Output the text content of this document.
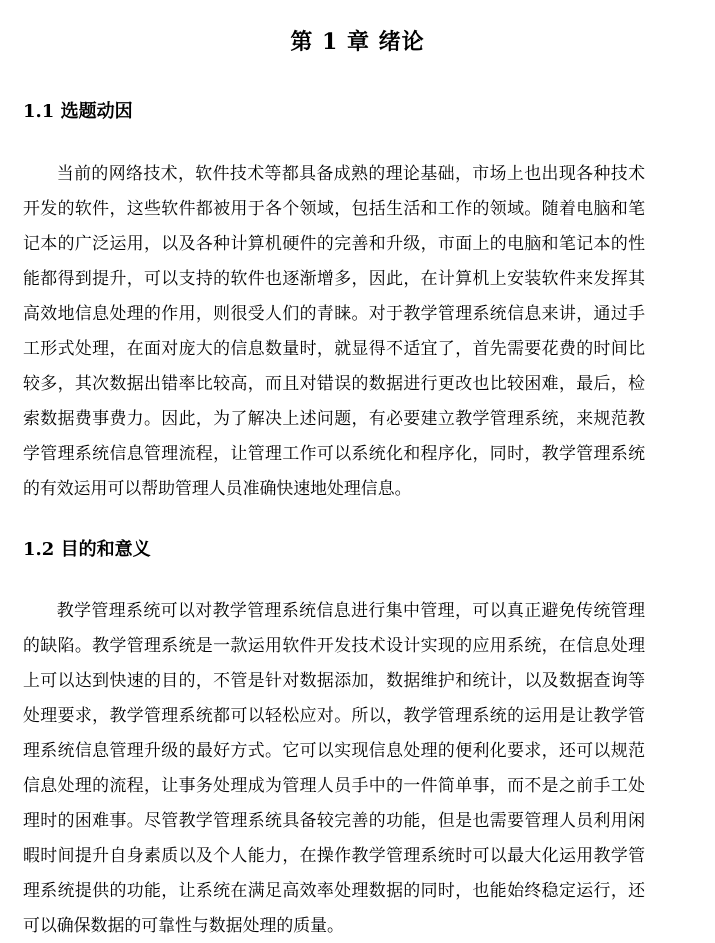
第 1 章 绪论
1.1 选题动因

当前的网络技术，软件技术等都具备成熟的理论基础，市场上也出现各种技术开发的软件，这些软件都被用于各个领域，包括生活和工作的领域。随着电脑和笔记本的广泛运用，以及各种计算机硬件的完善和升级，市面上的电脑和笔记本的性能都得到提升，可以支持的软件也逐渐增多，因此，在计算机上安装软件来发挥其高效地信息处理的作用，则很受人们的青睐。对于教学管理系统信息来讲，通过手工形式处理，在面对庞大的信息数量时，就显得不适宜了，首先需要花费的时间比较多，其次数据出错率比较高，而且对错误的数据进行更改也比较困难，最后，检索数据费事费力。因此，为了解决上述问题，有必要建立教学管理系统，来规范教学管理系统信息管理流程，让管理工作可以系统化和程序化，同时，教学管理系统的有效运用可以帮助管理人员准确快速地处理信息。

1.2 目的和意义

教学管理系统可以对教学管理系统信息进行集中管理，可以真正避免传统管理的缺陷。教学管理系统是一款运用软件开发技术设计实现的应用系统，在信息处理上可以达到快速的目的，不管是针对数据添加，数据维护和统计，以及数据查询等处理要求，教学管理系统都可以轻松应对。所以，教学管理系统的运用是让教学管理系统信息管理升级的最好方式。它可以实现信息处理的便利化要求，还可以规范信息处理的流程，让事务处理成为管理人员手中的一件简单事，而不是之前手工处理时的困难事。尽管教学管理系统具备较完善的功能，但是也需要管理人员利用闲暇时间提升自身素质以及个人能力，在操作教学管理系统时可以最大化运用教学管理系统提供的功能，让系统在满足高效率处理数据的同时，也能始终稳定运行，还可以确保数据的可靠性与数据处理的质量。
